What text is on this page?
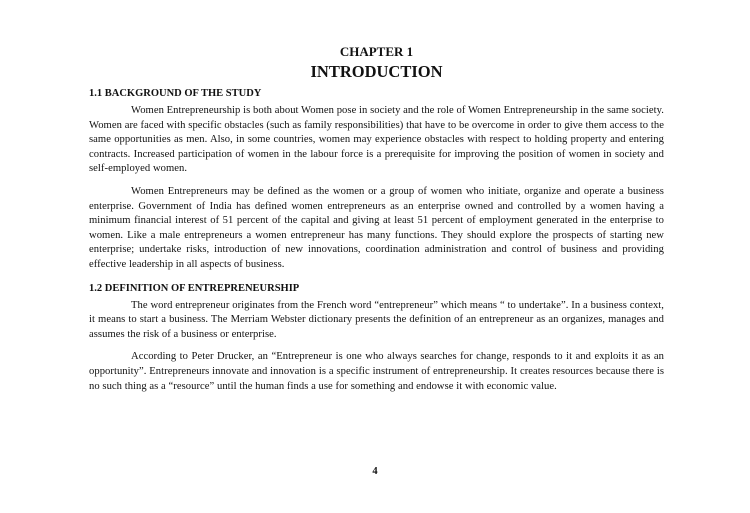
CHAPTER 1

INTRODUCTION

1.1 BACKGROUND OF THE STUDY

Women Entrepreneurship is both about Women pose in society and the role of Women Entrepreneurship in the same society. Women are faced with specific obstacles (such as family responsibilities) that have to be overcome in order to give them access to the same opportunities as men. Also, in some countries, women may experience obstacles with respect to holding property and entering contracts. Increased participation of women in the labour force is a prerequisite for improving the position of women in society and self-employed women.

Women Entrepreneurs may be defined as the women or a group of women who initiate, organize and operate a business enterprise. Government of India has defined women entrepreneurs as an enterprise owned and controlled by a women having a minimum financial interest of 51 percent of the capital and giving at least 51 percent of employment generated in the enterprise to women. Like a male entrepreneurs a women entrepreneur has many functions. They should explore the prospects of starting new enterprise; undertake risks, introduction of new innovations, coordination administration and control of business and providing effective leadership in all aspects of business.

1.2 DEFINITION OF ENTREPRENEURSHIP

The word entrepreneur originates from the French word “entrepreneur” which means “ to undertake”. In a business context, it means to start a business. The Merriam Webster dictionary presents the definition of an entrepreneur as an organizes, manages and assumes the risk of a business or enterprise.

According to Peter Drucker, an “Entrepreneur is one who always searches for change, responds to it and exploits it as an opportunity”. Entrepreneurs innovate and innovation is a specific instrument of entrepreneurship. It creates resources because there is no such thing as a “resource” until the human finds a use for something and endowse it with economic value.

4
